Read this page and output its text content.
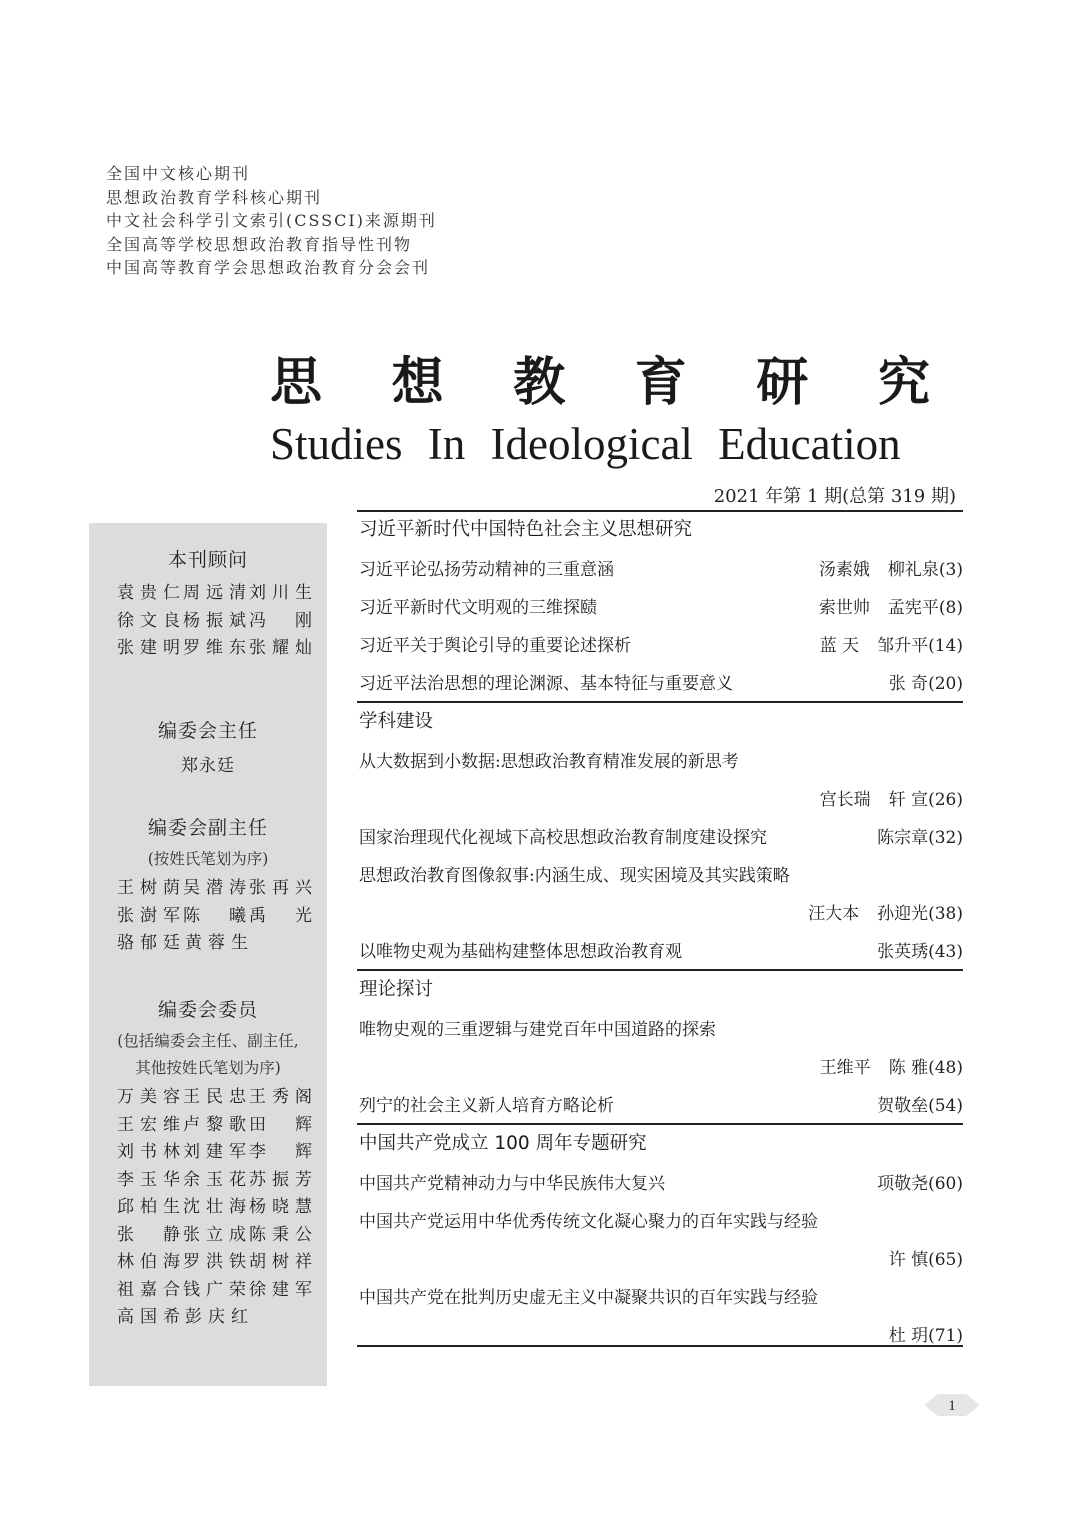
全国中文核心期刊
思想政治教育学科核心期刊
中文社会科学引文索引(CSSCI)来源期刊
全国高等学校思想政治教育指导性刊物
中国高等教育学会思想政治教育分会会刊
思 想 教 育 研 究
Studies In Ideological Education
2021 年第 1 期(总第 319 期)
本刊顾问
袁贵仁 周远清 刘川生
徐文良 杨振斌 冯 刚
张建明 罗维东 张耀灿
编委会主任
郑永廷
编委会副主任
(按姓氏笔划为序)
王树荫 吴潜涛 张再兴
张澍军 陈 曦 禹 光
骆郁廷 黄蓉生
编委会委员
(包括编委会主任、副主任,
其他按姓氏笔划为序)
万美容 王民忠 王秀阁
王宏维 卢黎歌 田 辉
刘书林 刘建军 李 辉
李玉华 余玉花 苏振芳
邱柏生 沈壮海 杨晓慧
张 静 张立成 陈秉公
林伯海 罗洪铁 胡树祥
祖嘉合 钱广荣 徐建军
高国希 彭庆红
习近平新时代中国特色社会主义思想研究
习近平论弘扬劳动精神的三重意涵	汤素娥 柳礼泉(3)
习近平新时代文明观的三维探赜	索世帅 孟宪平(8)
习近平关于舆论引导的重要论述探析	蓝 天 邹升平(14)
习近平法治思想的理论渊源、基本特征与重要意义	张 奇(20)
学科建设
从大数据到小数据:思想政治教育精准发展的新思考
宫长瑞 轩 宣(26)
国家治理现代化视域下高校思想政治教育制度建设探究	陈宗章(32)
思想政治教育图像叙事:内涵生成、现实困境及其实践策略
汪大本 孙迎光(38)
以唯物史观为基础构建整体思想政治教育观	张英琇(43)
理论探讨
唯物史观的三重逻辑与建党百年中国道路的探索
王维平 陈 雅(48)
列宁的社会主义新人培育方略论析	贺敬垒(54)
中国共产党成立 100 周年专题研究
中国共产党精神动力与中华民族伟大复兴	项敬尧(60)
中国共产党运用中华优秀传统文化凝心聚力的百年实践与经验
许 慎(65)
中国共产党在批判历史虚无主义中凝聚共识的百年实践与经验
杜 玥(71)
1
